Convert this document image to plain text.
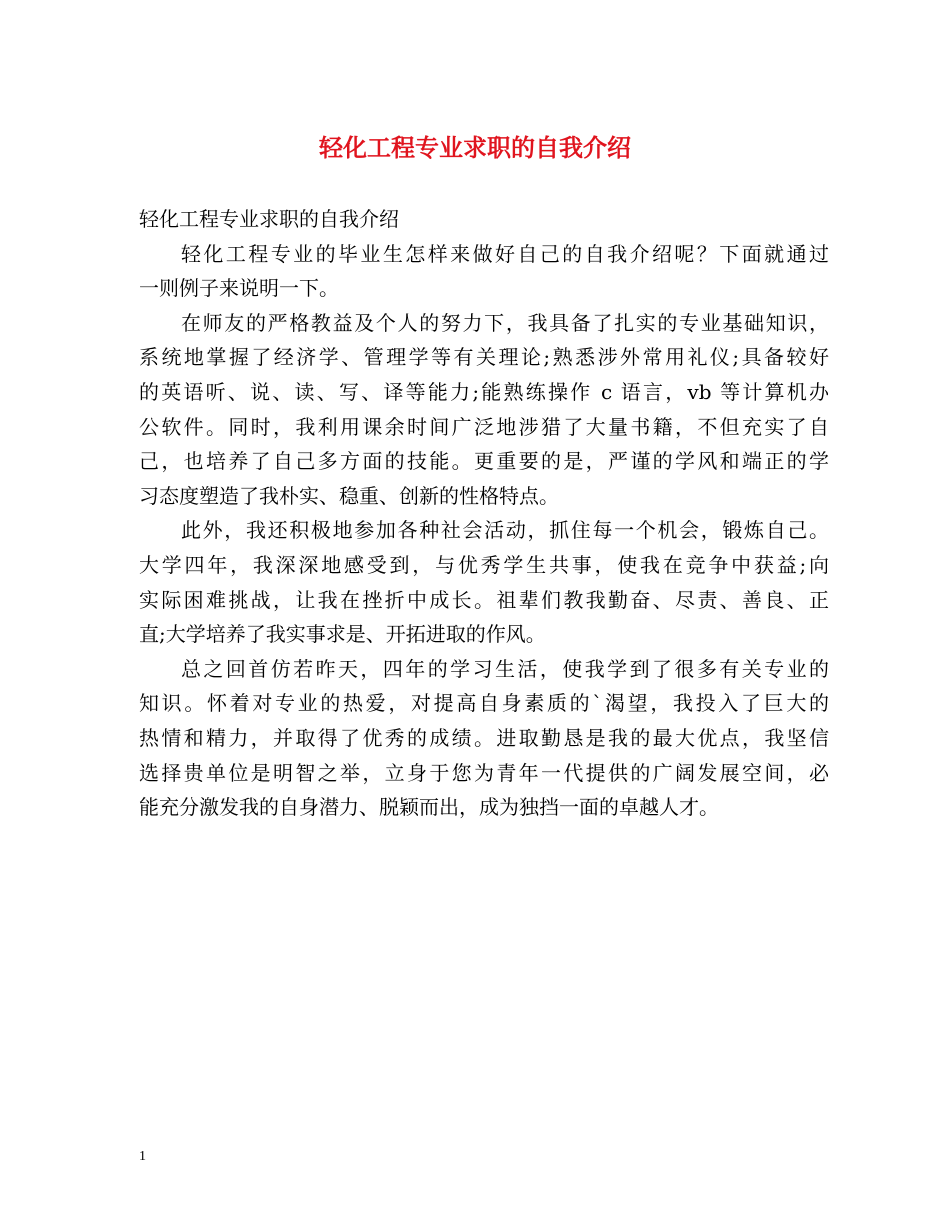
轻化工程专业求职的自我介绍
轻化工程专业求职的自我介绍
轻化工程专业的毕业生怎样来做好自己的自我介绍呢？下面就通过
一则例子来说明一下。
在师友的严格教益及个人的努力下，我具备了扎实的专业基础知识，
系统地掌握了经济学、管理学等有关理论;熟悉涉外常用礼仪;具备较好
的英语听、说、读、写、译等能力;能熟练操作 c 语言，vb 等计算机办
公软件。同时，我利用课余时间广泛地涉猎了大量书籍，不但充实了自
己，也培养了自己多方面的技能。更重要的是，严谨的学风和端正的学
习态度塑造了我朴实、稳重、创新的性格特点。
此外，我还积极地参加各种社会活动，抓住每一个机会，锻炼自己。
大学四年，我深深地感受到，与优秀学生共事，使我在竞争中获益;向
实际困难挑战，让我在挫折中成长。祖辈们教我勤奋、尽责、善良、正
直;大学培养了我实事求是、开拓进取的作风。
总之回首仿若昨天，四年的学习生活，使我学到了很多有关专业的
知识。怀着对专业的热爱，对提高自身素质的`渴望，我投入了巨大的
热情和精力，并取得了优秀的成绩。进取勤恳是我的最大优点，我坚信
选择贵单位是明智之举，立身于您为青年一代提供的广阔发展空间，必
能充分激发我的自身潜力、脱颖而出，成为独挡一面的卓越人才。
1
